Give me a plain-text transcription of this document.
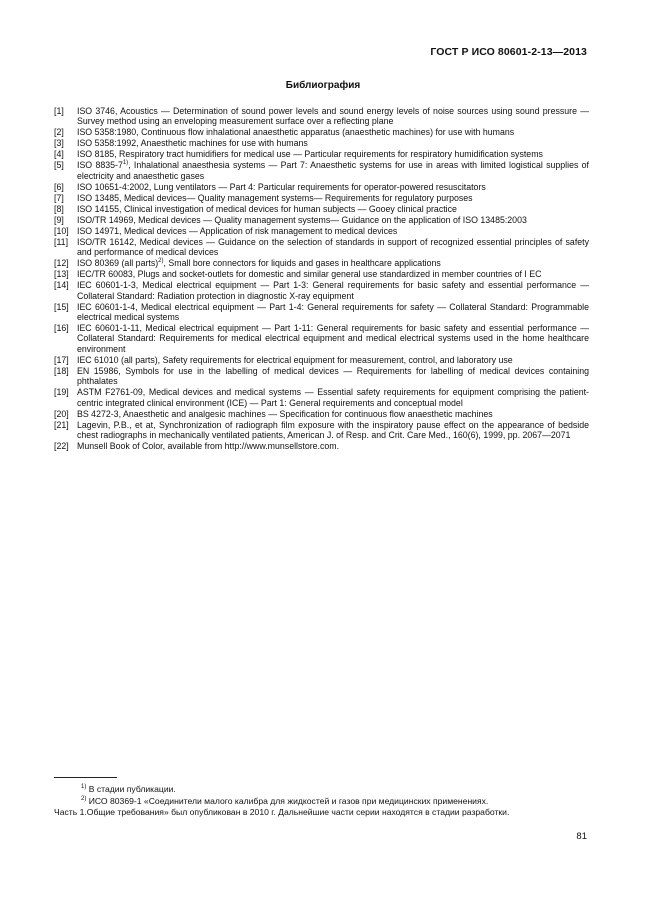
ГОСТ Р ИСО 80601-2-13—2013
Библиография
[1]	ISO 3746, Acoustics — Determination of sound power levels and sound energy levels of noise sources using sound pressure — Survey method using an enveloping measurement surface over a reflecting plane
[2]	ISO 5358:1980, Continuous flow inhalational anaesthetic apparatus (anaesthetic machines) for use with humans
[3]	ISO 5358:1992, Anaesthetic machines for use with humans
[4]	ISO 8185, Respiratory tract humidifiers for medical use — Particular requirements for respiratory humidification systems
[5]	ISO 8835-7$^{1)}$, Inhalational anaesthesia systems — Part 7: Anaesthetic systems for use in areas with limited logistical supplies of electricity and anaesthetic gases
[6]	ISO 10651-4:2002, Lung ventilators — Part 4: Particular requirements for operator-powered resuscitators
[7]	ISO 13485, Medical devices— Quality management systems— Requirements for regulatory purposes
[8]	ISO 14155, Clinical investigation of medical devices for human subjects — Gooey clinical practice
[9]	ISO/TR 14969, Medical devices — Quality management systems— Guidance on the application of ISO 13485:2003
[10] ISO 14971, Medical devices — Application of risk management to medical devices
[11]	ISO/TR 16142, Medical devices — Guidance on the selection of standards in support of recognized essential principles of safety and performance of medical devices
[12] ISO 80369 (all parts)$^{2)}$, Small bore connectors for liquids and gases in healthcare applications
[13] IEC/TR 60083, Plugs and socket-outlets for domestic and similar general use standardized in member countries of I EC
[14] IEC 60601-1-3, Medical electrical equipment — Part 1-3: General requirements for basic safety and essential performance — Collateral Standard: Radiation protection in diagnostic X-ray equipment
[15] IEC 60601-1-4, Medical electrical equipment — Part 1-4: General requirements for safety — Collateral Standard: Programmable electrical medical systems
[16] IEC 60601-1-11, Medical electrical equipment — Part 1-11: General requirements for basic safety and essential performance — Collateral Standard: Requirements for medical electrical equipment and medical electrical systems used in the home healthcare environment
[17] IEC 61010 (all parts), Safety requirements for electrical equipment for measurement, control, and laboratory use
[18] EN 15986, Symbols for use in the labelling of medical devices — Requirements for labelling of medical devices containing phthalates
[19] ASTM F2761-09, Medical devices and medical systems — Essential safety requirements for equipment comprising the patient-centric integrated clinical environment (ICE) — Part 1: General requirements and conceptual model
[20] BS 4272-3, Anaesthetic and analgesic machines — Specification for continuous flow anaesthetic machines
[21] Lagevin, P.B., et at, Synchronization of radiograph film exposure with the inspiratory pause effect on the appearance of bedside chest radiographs in mechanically ventilated patients, American J. of Resp. and Crit. Care Med., 160(6), 1999, pp. 2067—2071
[22] Munsell Book of Color, available from http://www.munsellstore.com.
$^{1)}$ В стадии публикации.
$^{2)}$ ИСО 80369-1 «Соединители малого калибра для жидкостей и газов при медицинских применениях.
Часть 1.Общие требования» был опубликован в 2010 г. Дальнейшие части серии находятся в стадии разработки.
81
